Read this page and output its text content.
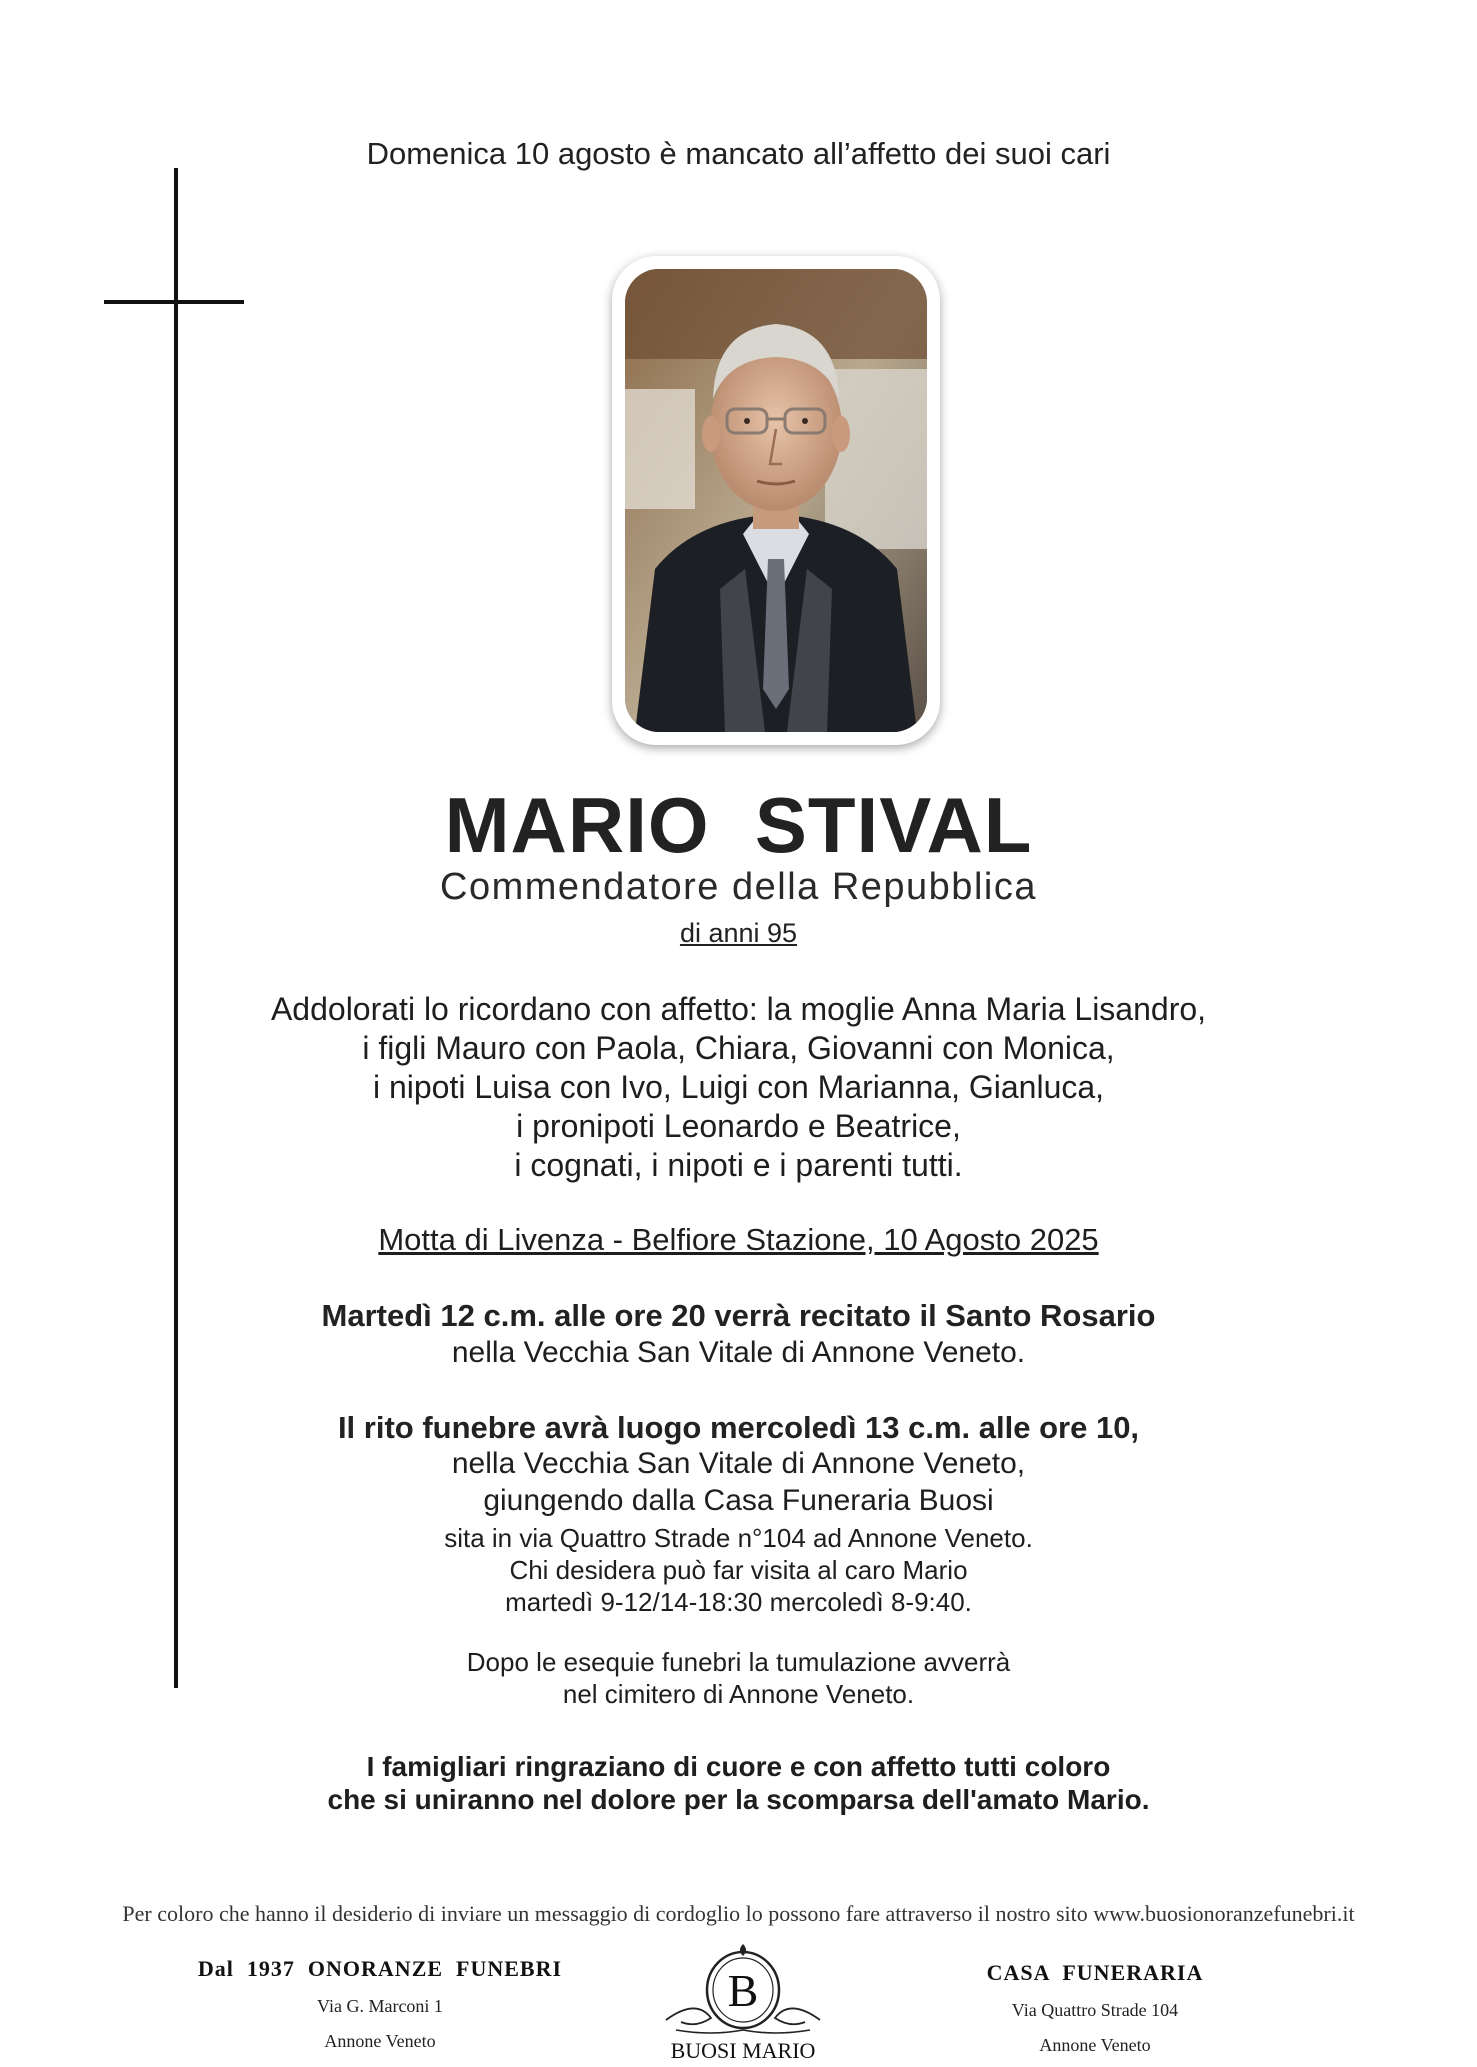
Domenica 10 agosto è mancato all’affetto dei suoi cari
MARIO  STIVAL
Commendatore della Repubblica
di anni 95
Addolorati lo ricordano con affetto: la moglie Anna Maria Lisandro,
i figli Mauro con Paola, Chiara, Giovanni con Monica,
i nipoti Luisa con Ivo, Luigi con Marianna, Gianluca,
i pronipoti Leonardo e Beatrice,
i cognati, i nipoti e i parenti tutti.
Motta di Livenza - Belfiore Stazione, 10 Agosto 2025
Martedì 12 c.m. alle ore 20 verrà recitato il Santo Rosario
nella Vecchia San Vitale di Annone Veneto.
Il rito funebre avrà luogo mercoledì 13 c.m. alle ore 10,
nella Vecchia San Vitale di Annone Veneto,
giungendo dalla Casa Funeraria Buosi
sita in via Quattro Strade n°104 ad Annone Veneto.
Chi desidera può far visita al caro Mario
martedì 9-12/14-18:30 mercoledì 8-9:40.
Dopo le esequie funebri la tumulazione avverrà
nel cimitero di Annone Veneto.
I famigliari ringraziano di cuore e con affetto tutti coloro
che si uniranno nel dolore per la scomparsa dell'amato Mario.
Per coloro che hanno il desiderio di inviare un messaggio di cordoglio lo possono fare attraverso il nostro sito www.buosionoranzefunebri.it
Dal  1937  ONORANZE  FUNEBRI
Via G. Marconi 1
Annone Veneto
B
BUOSI MARIO
CASA  FUNERARIA
Via Quattro Strade 104
Annone Veneto
